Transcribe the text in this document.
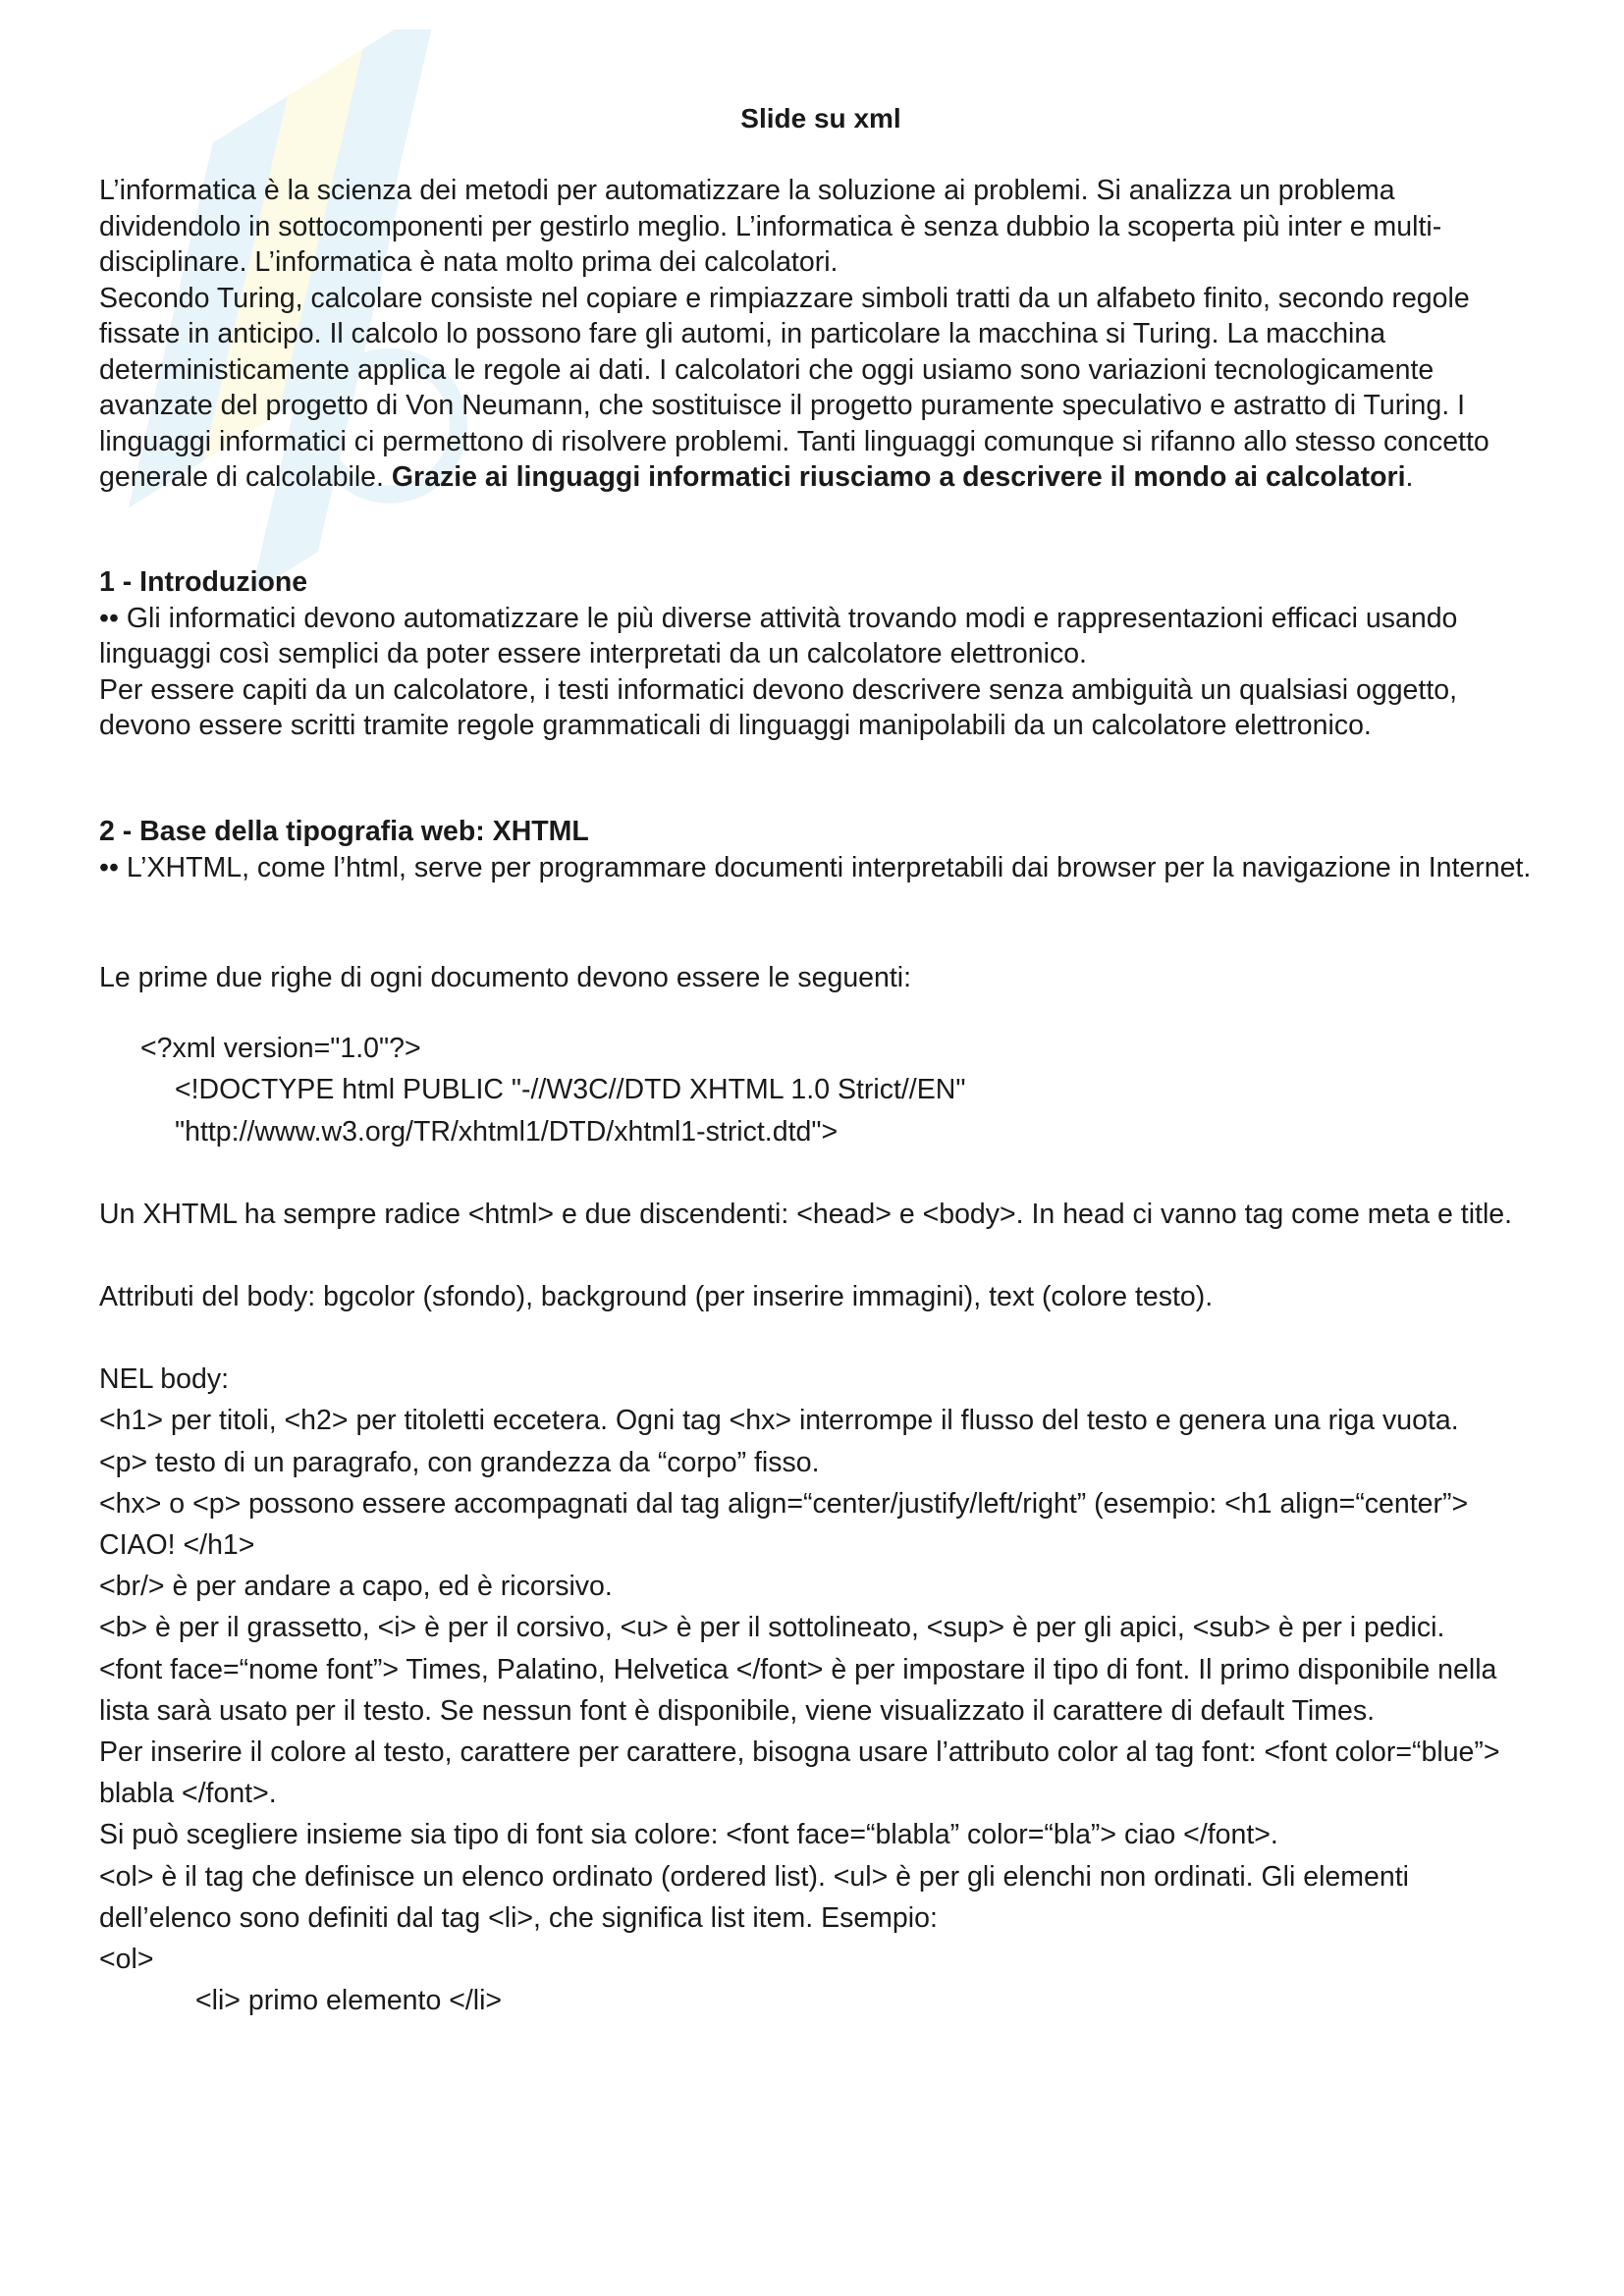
Slide su xml

L’informatica è la scienza dei metodi per automatizzare la soluzione ai problemi. Si analizza un problema dividendolo in sottocomponenti per gestirlo meglio. L’informatica è senza dubbio la scoperta più inter e multi-disciplinare. L’informatica è nata molto prima dei calcolatori.

Secondo Turing, calcolare consiste nel copiare e rimpiazzare simboli tratti da un alfabeto finito, secondo regole fissate in anticipo. Il calcolo lo possono fare gli automi, in particolare la macchina si Turing. La macchina deterministicamente applica le regole ai dati. I calcolatori che oggi usiamo sono variazioni tecnologicamente avanzate del progetto di Von Neumann, che sostituisce il progetto puramente speculativo e astratto di Turing. I linguaggi informatici ci permettono di risolvere problemi. Tanti linguaggi comunque si rifanno allo stesso concetto generale di calcolabile. Grazie ai linguaggi informatici riusciamo a descrivere il mondo ai calcolatori.

1 - Introduzione

•• Gli informatici devono automatizzare le più diverse attività trovando modi e rappresentazioni efficaci usando linguaggi così semplici da poter essere interpretati da un calcolatore elettronico.

Per essere capiti da un calcolatore, i testi informatici devono descrivere senza ambiguità un qualsiasi oggetto, devono essere scritti tramite regole grammaticali di linguaggi manipolabili da un calcolatore elettronico.

2 - Base della tipografia web: XHTML

•• L’XHTML, come l’html, serve per programmare documenti interpretabili dai browser per la navigazione in Internet.

Le prime due righe di ogni documento devono essere le seguenti:

<?xml version="1.0"?>

<!DOCTYPE html PUBLIC "-//W3C//DTD XHTML 1.0 Strict//EN"

"http://www.w3.org/TR/xhtml1/DTD/xhtml1-strict.dtd">

Un XHTML ha sempre radice <html> e due discendenti: <head> e <body>. In head ci vanno tag come meta e title.

Attributi del body: bgcolor (sfondo), background (per inserire immagini), text (colore testo).

NEL body:

<h1> per titoli, <h2> per titoletti eccetera. Ogni tag <hx> interrompe il flusso del testo e genera una riga vuota.

<p> testo di un paragrafo, con grandezza da “corpo” fisso.

<hx> o <p> possono essere accompagnati dal tag align=“center/justify/left/right” (esempio: <h1 align=“center”> CIAO! </h1>

<br/> è per andare a capo, ed è ricorsivo.

<b> è per il grassetto, <i> è per il corsivo, <u> è per il sottolineato, <sup> è per gli apici, <sub> è per i pedici.

<font face=“nome font”> Times, Palatino, Helvetica </font> è per impostare il tipo di font. Il primo disponibile nella lista sarà usato per il testo. Se nessun font è disponibile, viene visualizzato il carattere di default Times.

Per inserire il colore al testo, carattere per carattere, bisogna usare l’attributo color al tag font: <font color=“blue”> blabla </font>.

Si può scegliere insieme sia tipo di font sia colore: <font face=“blabla” color=“bla”> ciao </font>.

<ol> è il tag che definisce un elenco ordinato (ordered list). <ul> è per gli elenchi non ordinati. Gli elementi dell’elenco sono definiti dal tag <li>, che significa list item. Esempio:

<ol>

<li> primo elemento </li>
